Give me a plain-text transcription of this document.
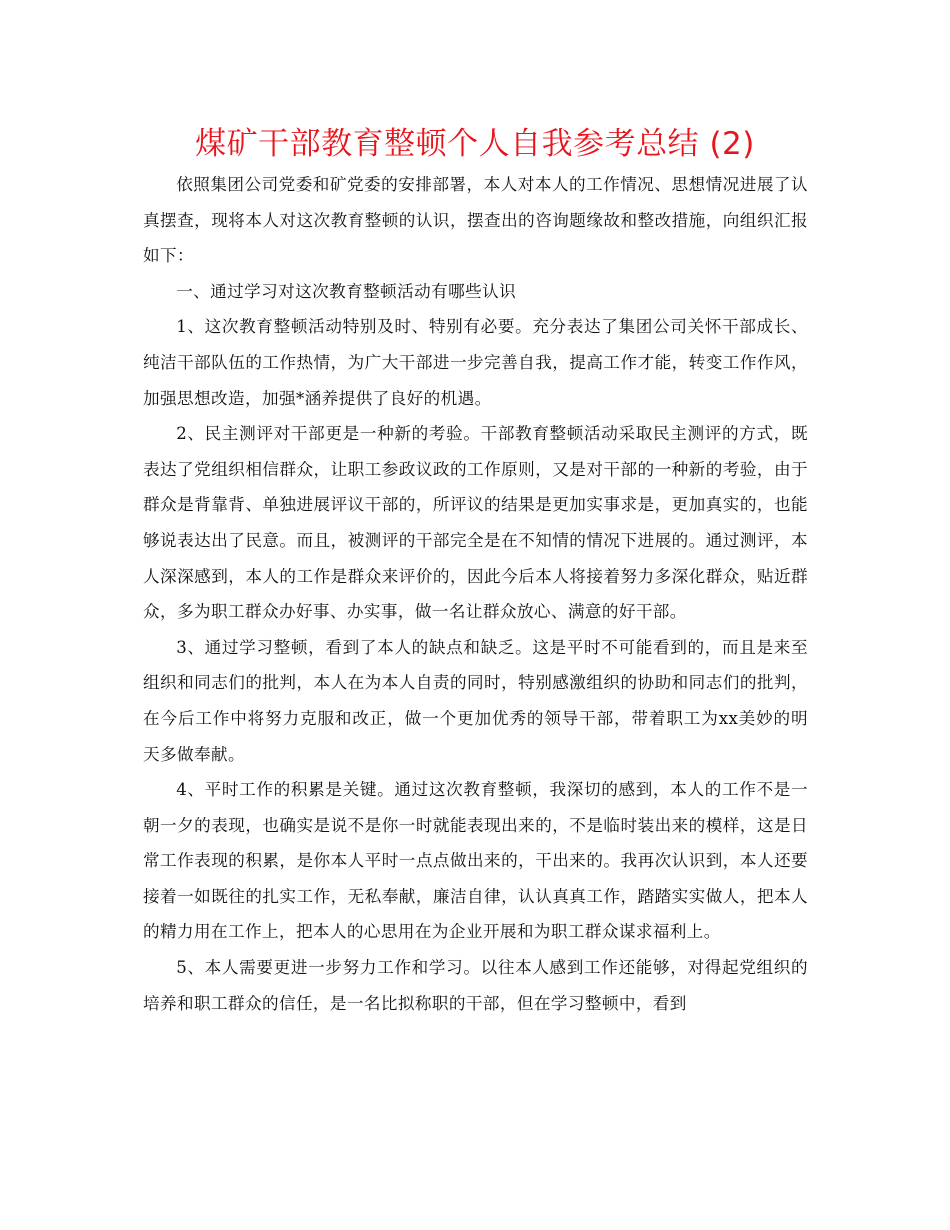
煤矿干部教育整顿个人自我参考总结 (2)

依照集团公司党委和矿党委的安排部署，本人对本人的工作情况、思想情况进展了认真摆查，现将本人对这次教育整顿的认识，摆查出的咨询题缘故和整改措施，向组织汇报如下：

一、通过学习对这次教育整顿活动有哪些认识

1、这次教育整顿活动特别及时、特别有必要。充分表达了集团公司关怀干部成长、纯洁干部队伍的工作热情，为广大干部进一步完善自我，提高工作才能，转变工作作风，加强思想改造，加强*涵养提供了良好的机遇。

2、民主测评对干部更是一种新的考验。干部教育整顿活动采取民主测评的方式，既表达了党组织相信群众，让职工参政议政的工作原则，又是对干部的一种新的考验，由于群众是背靠背、单独进展评议干部的，所评议的结果是更加实事求是，更加真实的，也能够说表达出了民意。而且，被测评的干部完全是在不知情的情况下进展的。通过测评，本人深深感到，本人的工作是群众来评价的，因此今后本人将接着努力多深化群众，贴近群众，多为职工群众办好事、办实事，做一名让群众放心、满意的好干部。

3、通过学习整顿，看到了本人的缺点和缺乏。这是平时不可能看到的，而且是来至组织和同志们的批判，本人在为本人自责的同时，特别感激组织的协助和同志们的批判，在今后工作中将努力克服和改正，做一个更加优秀的领导干部，带着职工为xx美妙的明天多做奉献。

4、平时工作的积累是关键。通过这次教育整顿，我深切的感到，本人的工作不是一朝一夕的表现，也确实是说不是你一时就能表现出来的，不是临时装出来的模样，这是日常工作表现的积累，是你本人平时一点点做出来的，干出来的。我再次认识到，本人还要接着一如既往的扎实工作，无私奉献，廉洁自律，认认真真工作，踏踏实实做人，把本人的精力用在工作上，把本人的心思用在为企业开展和为职工群众谋求福利上。

5、本人需要更进一步努力工作和学习。以往本人感到工作还能够，对得起党组织的培养和职工群众的信任，是一名比拟称职的干部，但在学习整顿中，看到
